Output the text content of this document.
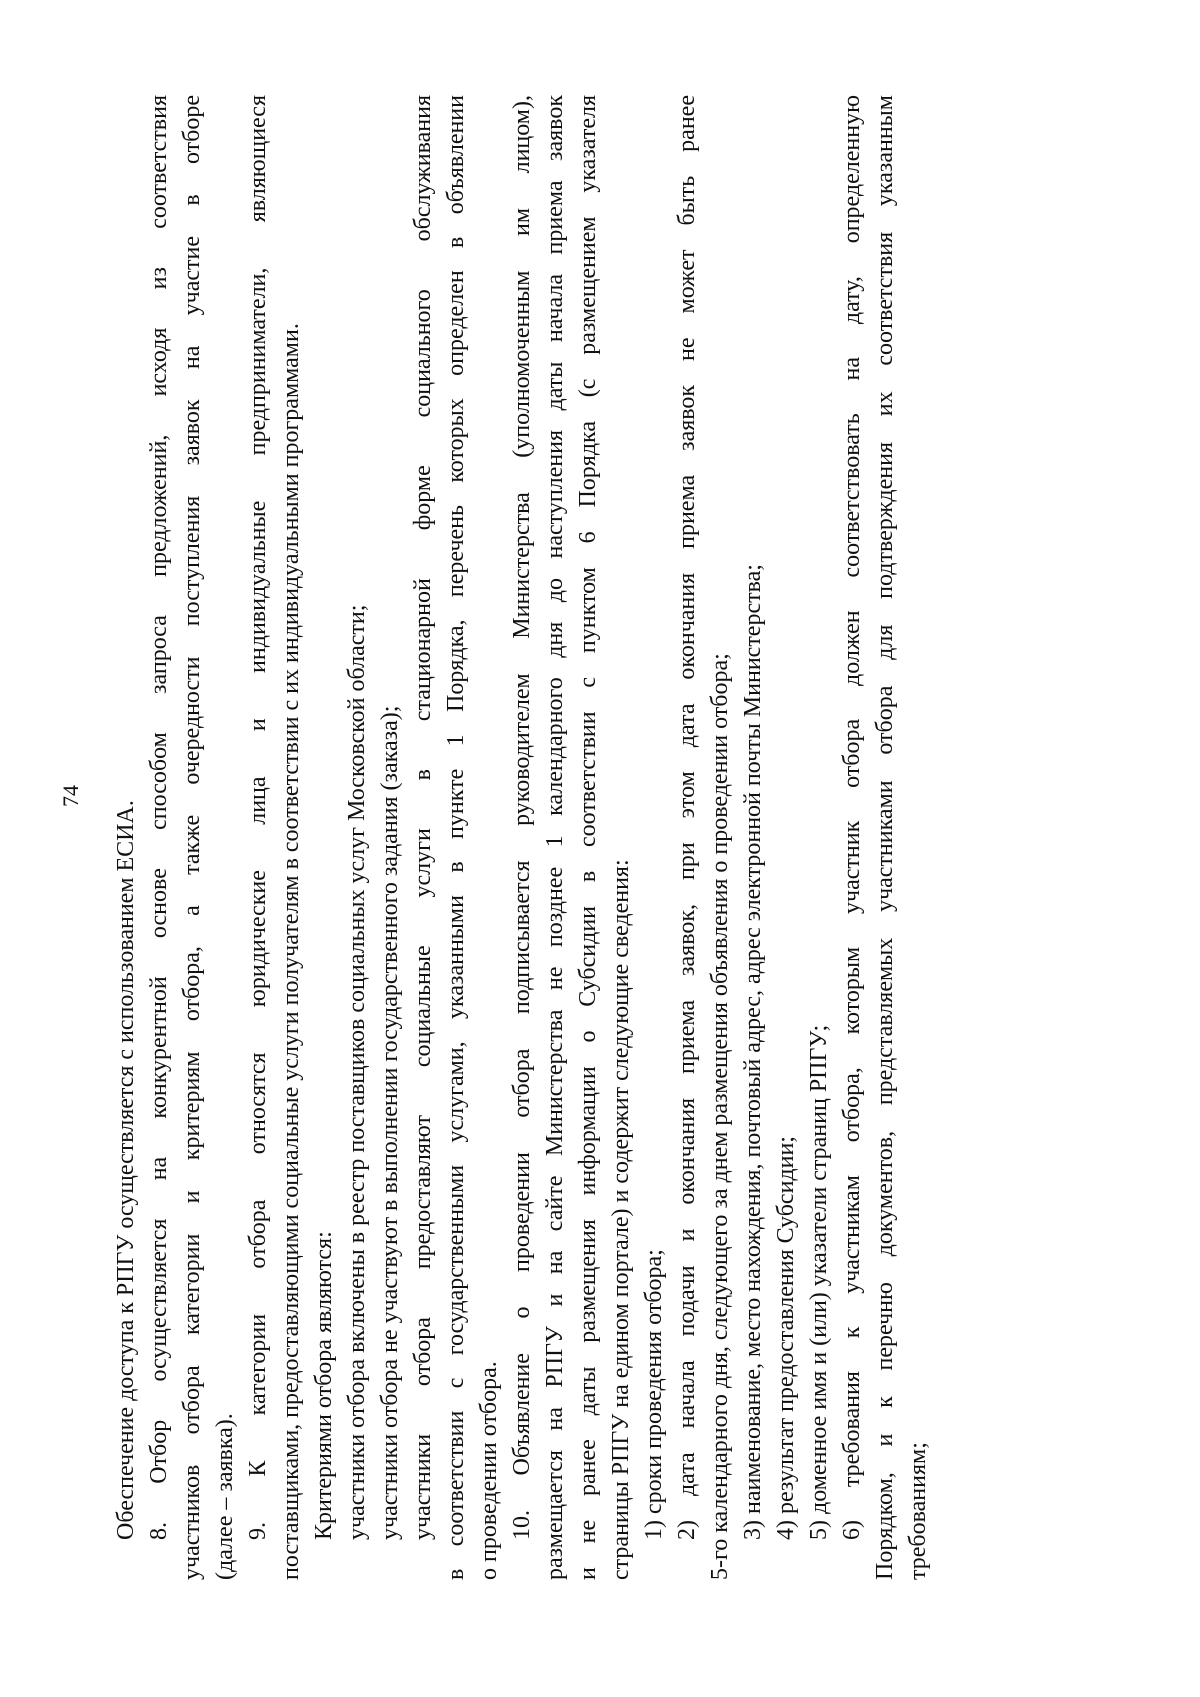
74
Обеспечение доступа к РПГУ осуществляется с использованием ЕСИА. 8. Отбор осуществляется на конкурентной основе способом запроса предложений, исходя из соответствия участников отбора категории и критериям отбора, а также очередности поступления заявок на участие в отборе (далее – заявка). 9. К категории отбора относятся юридические лица и индивидуальные предприниматели, являющиеся поставщиками, предоставляющими социальные услуги получателям в соответствии с их индивидуальными программами. Критериями отбора являются: участники отбора включены в реестр поставщиков социальных услуг Московской области; участники отбора не участвуют в выполнении государственного задания (заказа); участники отбора предоставляют социальные услуги в стационарной форме социального обслуживания в соответствии с государственными услугами, указанными в пункте 1 Порядка, перечень которых определен в объявлении о проведении отбора. 10. Объявление о проведении отбора подписывается руководителем Министерства (уполномоченным им лицом), размещается на РПГУ и на сайте Министерства не позднее 1 календарного дня до наступления даты начала приема заявок и не ранее даты размещения информации о Субсидии в соответствии с пунктом 6 Порядка (с размещением указателя страницы РПГУ на едином портале) и содержит следующие сведения: 1) сроки проведения отбора; 2) дата начала подачи и окончания приема заявок, при этом дата окончания приема заявок не может быть ранее 5-го календарного дня, следующего за днем размещения объявления о проведении отбора; 3) наименование, место нахождения, почтовый адрес, адрес электронной почты Министерства; 4) результат предоставления Субсидии; 5) доменное имя и (или) указатели страниц РПГУ; 6) требования к участникам отбора, которым участник отбора должен соответствовать на дату, определенную Порядком, и к перечню документов, представляемых участниками отбора для подтверждения их соответствия указанным требованиям;
